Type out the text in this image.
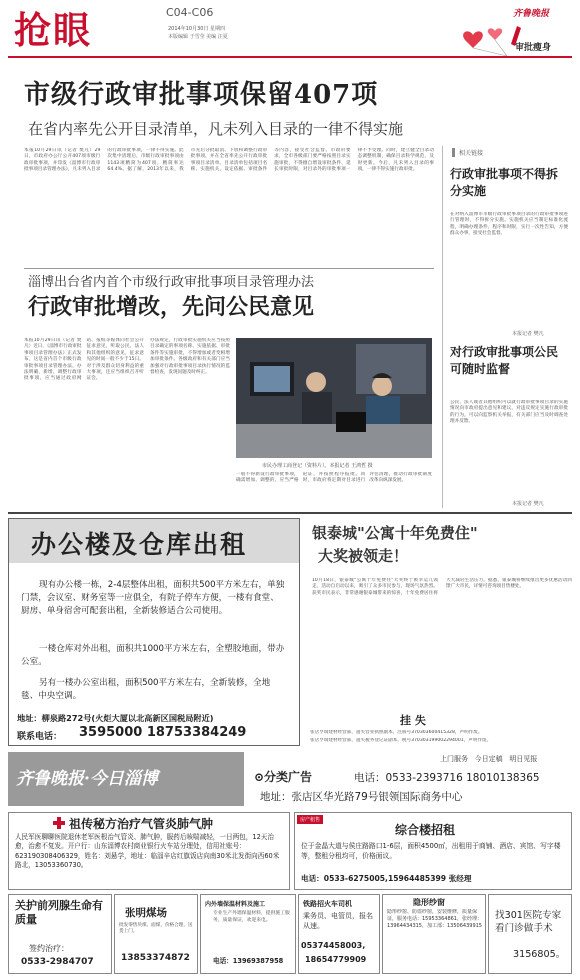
抢眼	C04-C06
2014年10月30日 星期四
本版编辑 于雪莹 美编 汪夏
齐鲁晚报
审批瘦身
市级行政审批事项保留407项
在省内率先公开目录清单，凡未列入目录的一律不得实施
本报10月29日讯（记者 樊凡）29日，市政府办公厅公开407项市级行政审批事项，并印发《淄博市行政审批事项目录管理办法》，凡未列入目录的行政审批事项，一律不得实施。此次集中清理后，市级行政审批事项由1143项精简为407项，精简率达64.4%。据了解，2013年以来，我市先后分批取消、下放和调整行政审批事项，并在全省率先公开行政审批事项目录清单。目录清单包括项目名称、实施机关、设定依据、审批条件等内容，接受社会监督。市政府要求，全市各级部门要严格按照目录实施审批，不得擅自增设审批条件、延长审批时限，对目录外的审批事项一律不予受理。同时，建立健全目录动态调整机制，确保目录科学规范、及时更新。今后，凡未列入目录的事项，一律不得实施行政审批。
相关链接
行政审批事项不得拆分实施
在对纳入淄博市市级行政审批事项目录的行政审批事项进行管理时，不得拆分实施。实施机关应当制定标准化流程，明确办理条件、程序和时限，实行一次性告知，方便群众办事，接受社会监督。
本报记者 樊凡
对行政审批事项公民可随时监督
公民、法人或者其他组织可以就行政审批事项目录的实施情况向市政府提出意见和建议，对违反规定实施行政审批的行为，可以向监察机关举报，有关部门应当及时调查处理并反馈。
本报记者 樊凡
淄博出台省内首个市级行政审批事项目录管理办法
行政审批增改，先问公民意见
本报10月29日讯（记者 樊凡）近日，《淄博市行政审批事项目录管理办法》正式发布，这是省内首个市级行政审批事项目录管理办法。办法明确，新增、调整行政审批事项，应当通过政府网站、报纸等媒体向社会公开征求意见，听取公民、法人和其他组织的意见，征求意见的时间一般不少于15日。对于涉及群众切身利益的重大事项，还应当组织召开听证会。
办法规定，行政审批实施机关应当按照目录确定的事项名称、实施依据、审批条件等实施审批，不得增加或者变相增加审批条件。各级政府和有关部门应当加强对行政审批事项目录执行情况的监督检查，发现问题及时纠正。
市民办理工商登记（资料片）。本报记者 王鸿哲 摄
一般不得新设行政审批事项，确需增加、调整的，应当严格论证，并按照程序报批。同时，市政府将定期对目录进行评估清理，推动行政审批制度改革向纵深发展。
办公楼及仓库出租
现有办公楼一栋，2-4层整体出租，面积共500平方米左右，单独门禁，会议室、财务室等一应俱全，有院子停车方便，一楼有食堂、厨房、单身宿舍可配套出租，全新装修适合公司使用。
一楼仓库对外出租，面积共1000平方米左右，全塑胶地面，带办公室。
另有一楼办公室出租，面积500平方米左右，全新装修，全地毯、中央空调。
地址：柳泉路272号(火炬大厦以北高新区国税局附近)
联系电话： 3595000 18753384249
银泰城"公寓十年免费住"
大奖被领走！
10月18日，银泰城"公寓十年免费住"大奖终于被幸运儿领走。活动自启动以来，吸引了众多市民参与，现场气氛热烈。获奖市民表示，非常感谢银泰城带来的惊喜，十年免费居住将大大减轻生活压力。据悉，银泰城将继续推出更多优惠活动回馈广大市民，详情可咨询项目售楼处。
挂 失
张店亨瑞建材经营部，遗失营业执照副本，注册号370303600415328，声明作废。
张店亨瑞建材经营部，遗失税务登记证副本，税号370303199002294001，声明作废。
齐鲁晚报·今日淄博
上门服务   今日定稿   明日见报
⊙分类广告	电话：0533-2393716 18010138365
地址：张店区华光路79号银领国际商务中心
祖传秘方治疗气管炎肺气肿
人民军医聊聊医院退休老军医根治气管炎、肺气肿，服药后咳喘减轻，一日两包，12天治愈，治愈不复发。开户行：山东淄博农村商业银行火车站分理处，信用社账号：623190308406329，姓名：刘悬学，地址：临淄辛店红旗饭店向南30米北发街向西60米路北，13053360730。
房产租售
综合楼招租
位于金晶大道与侯庄路路口1-6层，面积4500㎡，出租用于商铺、酒店、宾馆、写字楼等，整租分租均可，价格面议。
电话：0533-6275005,15964485399 张经理
关护前列腺生命有质量
签约治疗：
0533-2984707
张明煤场
批发零售块煤、面煤，价格合理，送货上门。
13853374872
内外墙保温材料及施工
专业生产外墙保温材料，提供施工服务，质量保证，欢迎来电。
电话：13969387958
铁路招火车司机
乘务员、电管员，报名从速。
05374458003,
18654779909
隐形纱窗
隐形纱窗、防盗纱窗，安装维修，质量保证，服务电话：15953364861，张经理：13964434315，加工部：13506439915
找301医院专家看门诊做手术
3156805。
